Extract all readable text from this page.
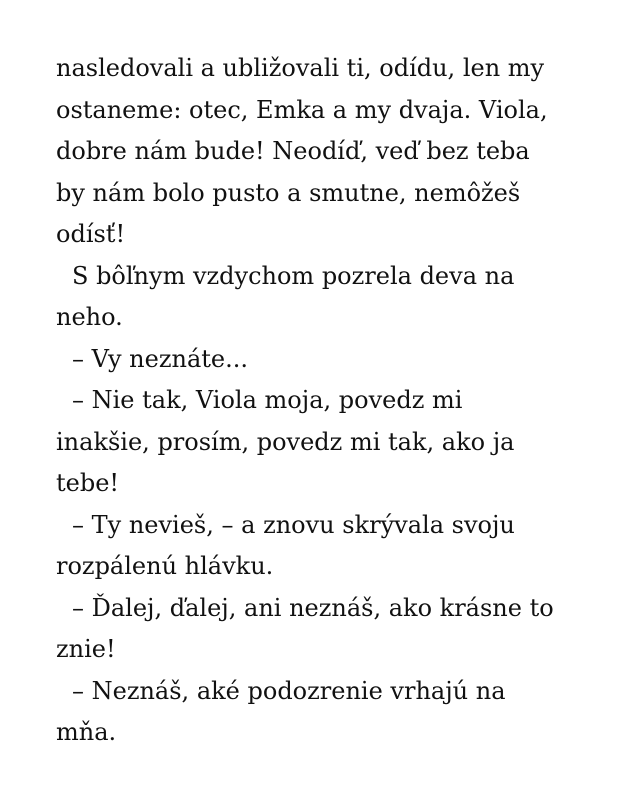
nasledovali a ubližovali ti, odídu, len my
ostaneme: otec, Emka a my dvaja. Viola,
dobre nám bude! Neodíď, veď bez teba
by nám bolo pusto a smutne, nemôžeš
odísť!
S bôľnym vzdychom pozrela deva na
neho.
– Vy neznáte...
– Nie tak, Viola moja, povedz mi
inakšie, prosím, povedz mi tak, ako ja
tebe!
– Ty nevieš, – a znovu skrývala svoju
rozpálenú hlávku.
– Ďalej, ďalej, ani neznáš, ako krásne to
znie!
– Neznáš, aké podozrenie vrhajú na
mňa.
